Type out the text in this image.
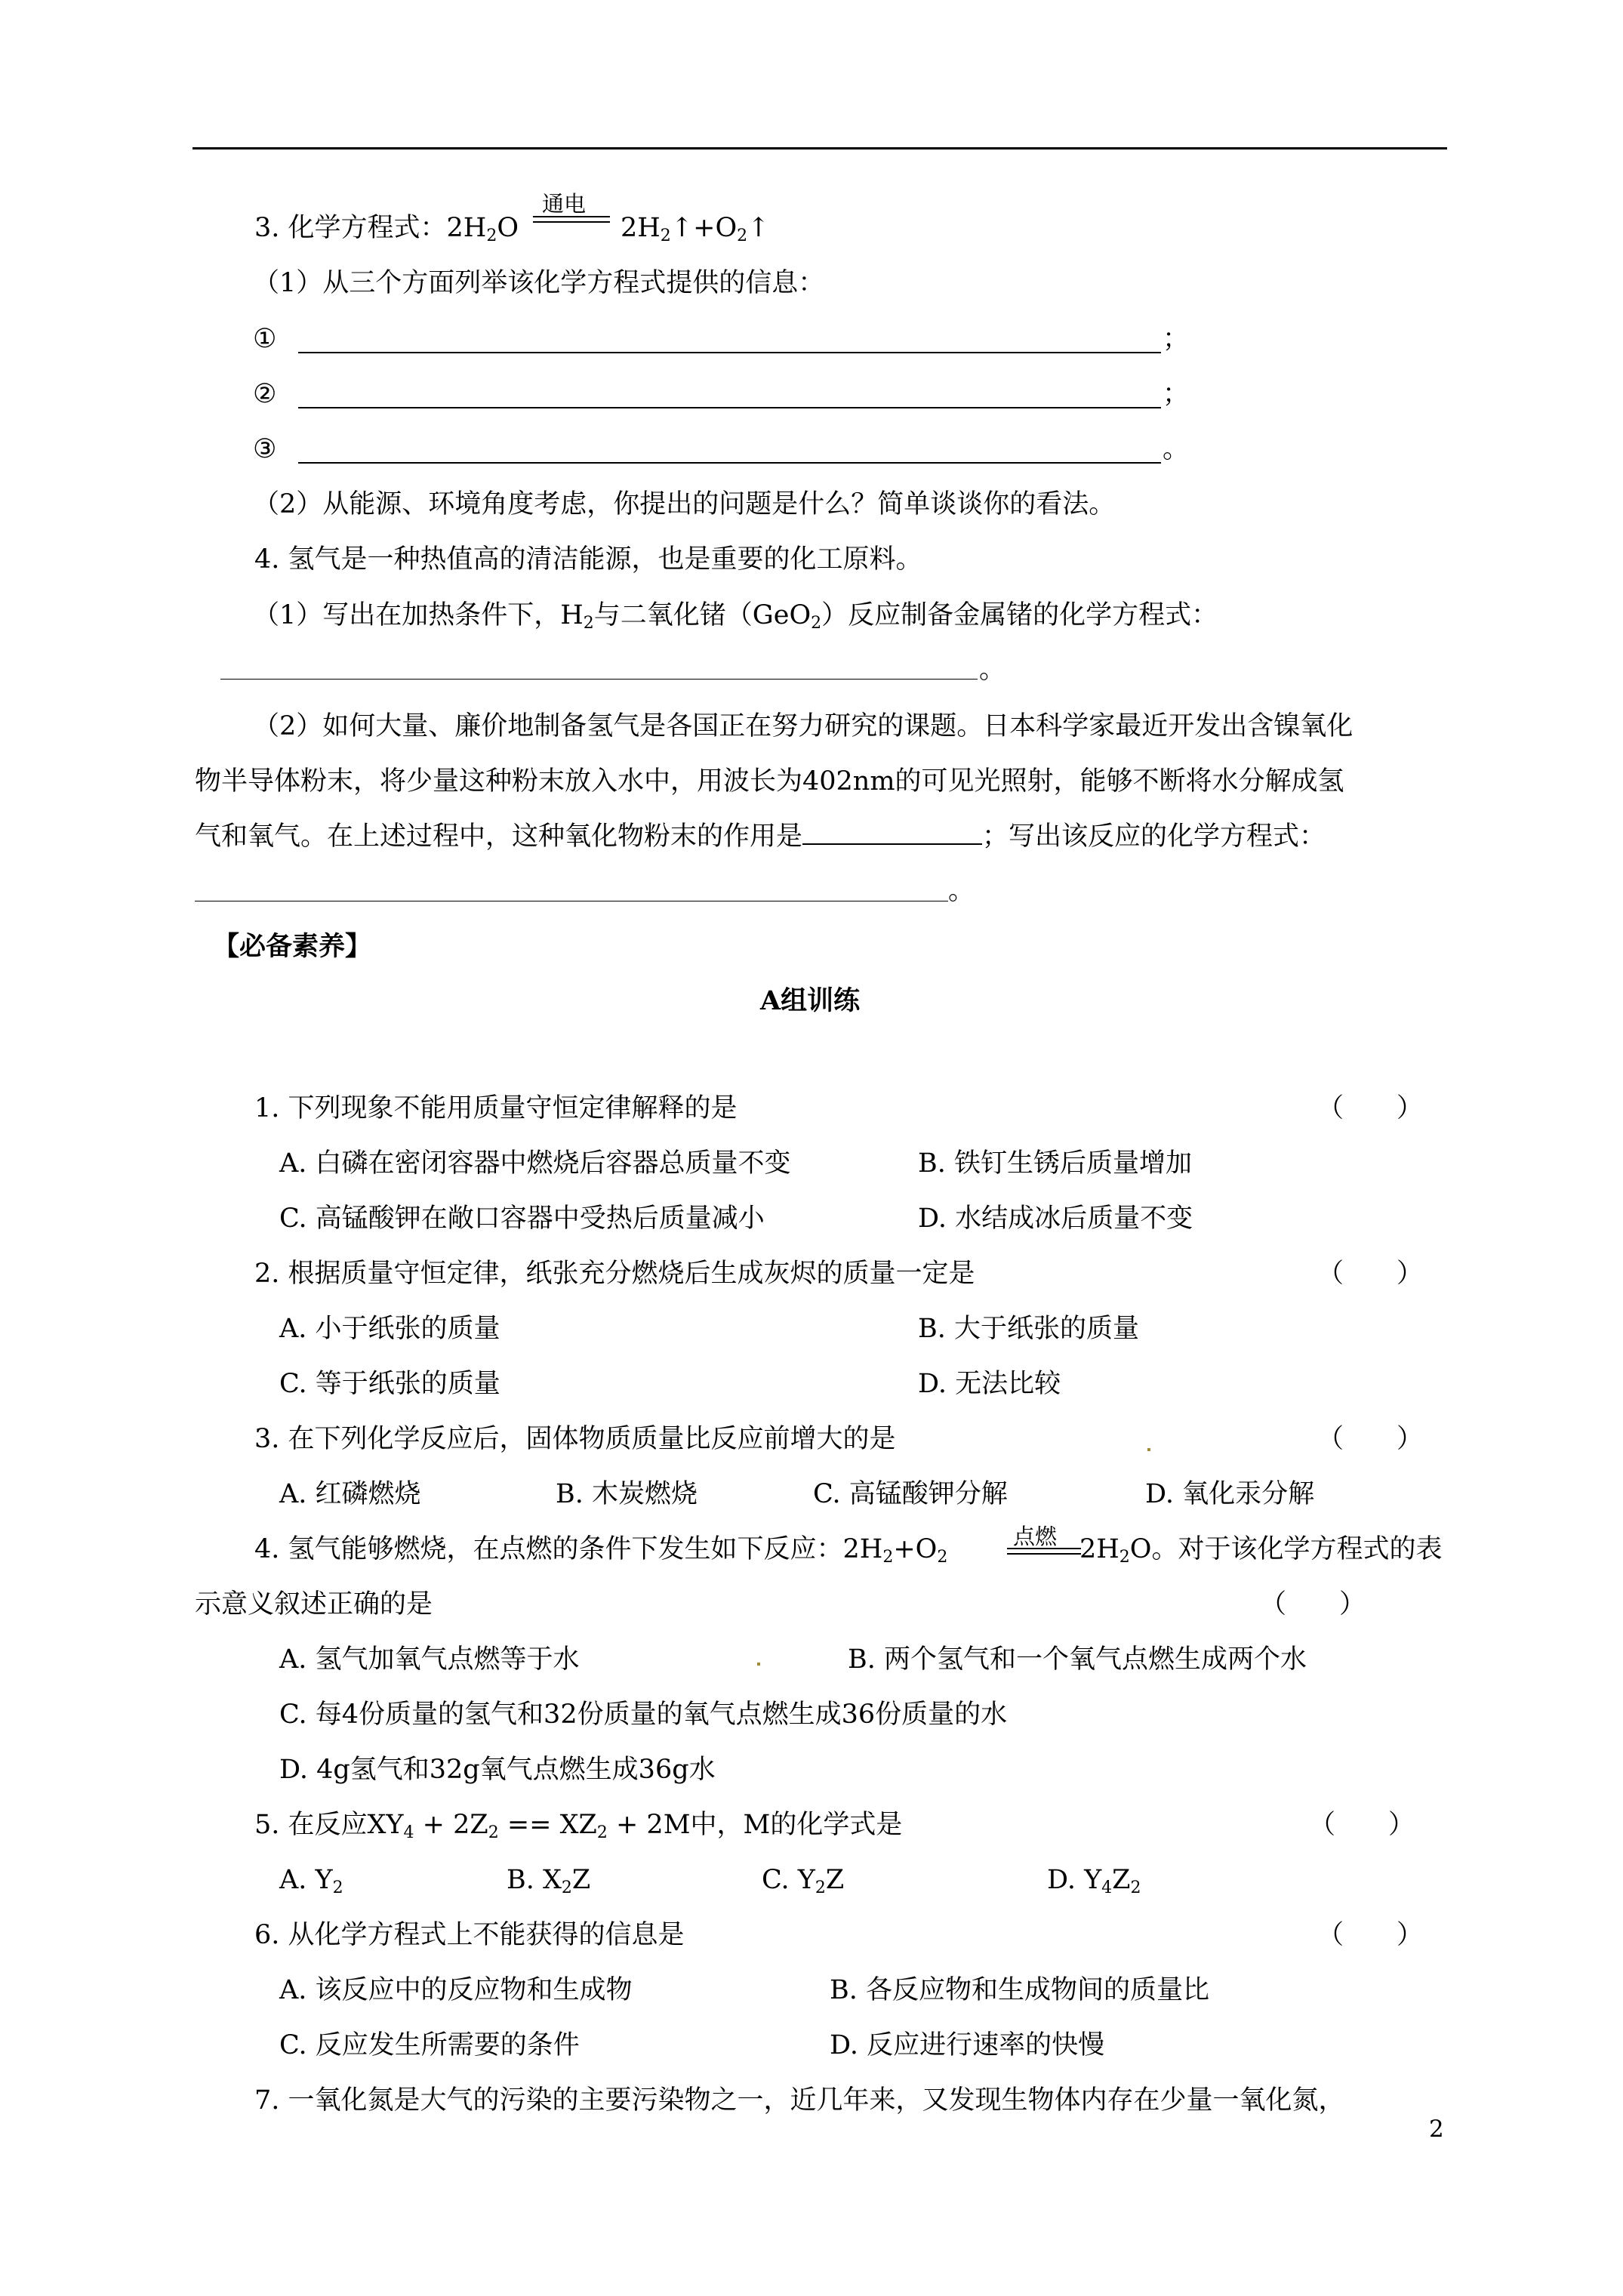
3. 化学方程式：$2H_2O$
通电
$2H_2↑+O_2↑$
（1）从三个方面列举该化学方程式提供的信息：
①	；
②	；
③	。
（2）从能源、环境角度考虑，你提出的问题是什么？简单谈谈你的看法。
4. 氢气是一种热值高的清洁能源，也是重要的化工原料。
（1）写出在加热条件下，$H_2$与二氧化锗（GeO$_2$）反应制备金属锗的化学方程式：
。
（2）如何大量、廉价地制备氢气是各国正在努力研究的课题。日本科学家最近开发出含镍氧化
物半导体粉末，将少量这种粉末放入水中，用波长为402nm的可见光照射，能够不断将水分解成氢
气和氧气。在上述过程中，这种氧化物粉末的作用是	；写出该反应的化学方程式：
。
【必备素养】
A组训练
1. 下列现象不能用质量守恒定律解释的是	（　　）
A. 白磷在密闭容器中燃烧后容器总质量不变	B. 铁钉生锈后质量增加
C. 高锰酸钾在敞口容器中受热后质量减小	D. 水结成冰后质量不变
2. 根据质量守恒定律，纸张充分燃烧后生成灰烬的质量一定是	（　　）
A. 小于纸张的质量	B. 大于纸张的质量
C. 等于纸张的质量	D. 无法比较
3. 在下列化学反应后，固体物质质量比反应前增大的是	（　　）
A. 红磷燃烧	B. 木炭燃烧	C. 高锰酸钾分解	D. 氧化汞分解
4. 氢气能够燃烧，在点燃的条件下发生如下反应：$2H_2+O_2$
点燃 $2H_2O$。对于该化学方程式的表
示意义叙述正确的是	（　　）
A. 氢气加氧气点燃等于水	B. 两个氢气和一个氧气点燃生成两个水
C. 每4份质量的氢气和32份质量的氧气点燃生成36份质量的水
D. 4g氢气和32g氧气点燃生成36g水
5. 在反应$XY_4 + 2Z_2 == XZ_2 + 2M$中，M的化学式是	（　　）
A. $Y_2$	B. $X_2Z$	C. $Y_2Z$	D. $Y_4Z_2$
6. 从化学方程式上不能获得的信息是	（　　）
A. 该反应中的反应物和生成物	B. 各反应物和生成物间的质量比
C. 反应发生所需要的条件	D. 反应进行速率的快慢
7. 一氧化氮是大气的污染的主要污染物之一，近几年来，又发现生物体内存在少量一氧化氮，
2
